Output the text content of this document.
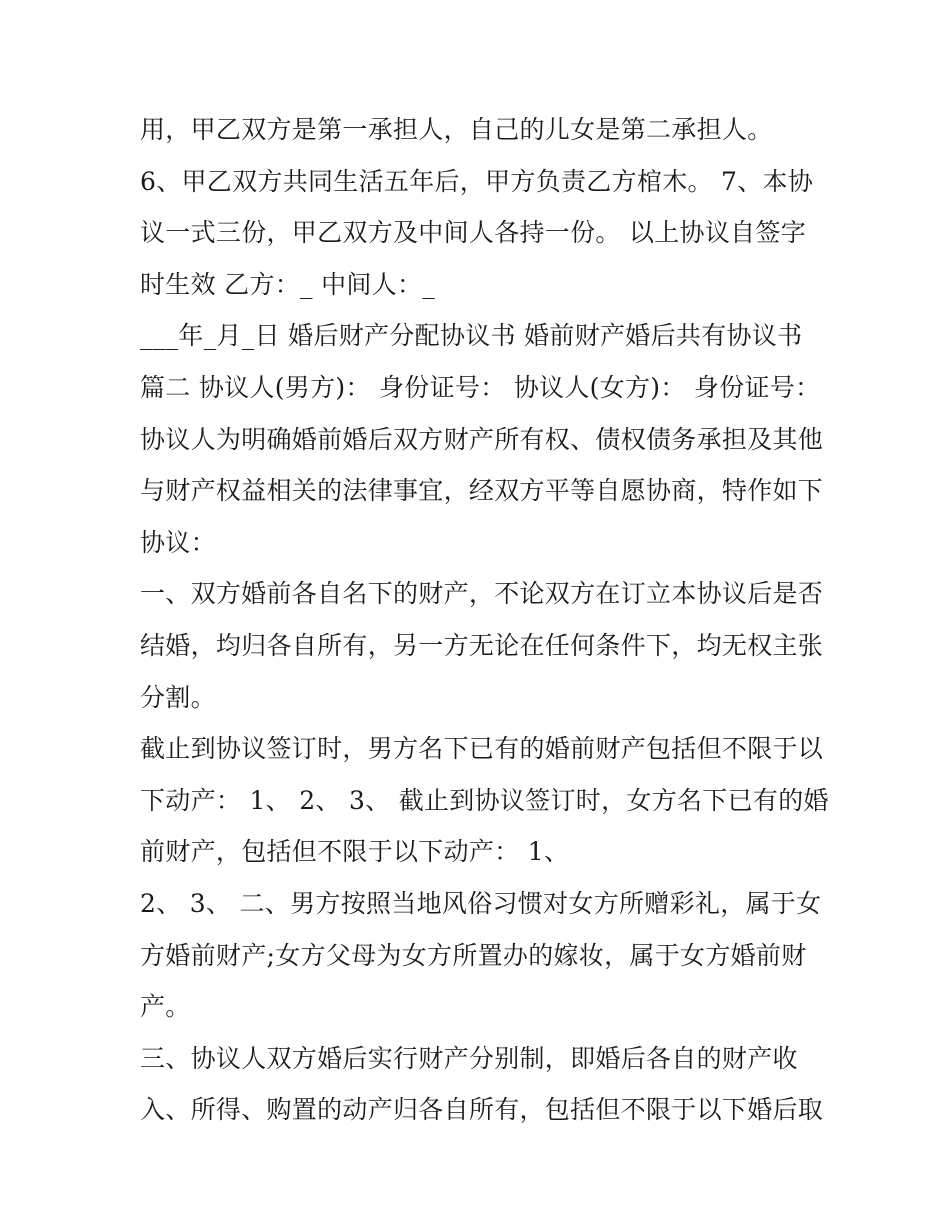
用，甲乙双方是第一承担人，自己的儿女是第二承担人。
6、甲乙双方共同生活五年后，甲方负责乙方棺木。 7、本协
议一式三份，甲乙双方及中间人各持一份。 以上协议自签字
时生效 乙方：_ 中间人：_
___年_月_日 婚后财产分配协议书 婚前财产婚后共有协议书
篇二 协议人(男方)： 身份证号： 协议人(女方)： 身份证号：
协议人为明确婚前婚后双方财产所有权、债权债务承担及其他
与财产权益相关的法律事宜，经双方平等自愿协商，特作如下
协议：
一、双方婚前各自名下的财产，不论双方在订立本协议后是否
结婚，均归各自所有，另一方无论在任何条件下，均无权主张
分割。
截止到协议签订时，男方名下已有的婚前财产包括但不限于以
下动产： 1、 2、 3、 截止到协议签订时，女方名下已有的婚
前财产，包括但不限于以下动产： 1、
2、 3、 二、男方按照当地风俗习惯对女方所赠彩礼，属于女
方婚前财产;女方父母为女方所置办的嫁妆，属于女方婚前财
产。
三、协议人双方婚后实行财产分别制，即婚后各自的财产收
入、所得、购置的动产归各自所有，包括但不限于以下婚后取
